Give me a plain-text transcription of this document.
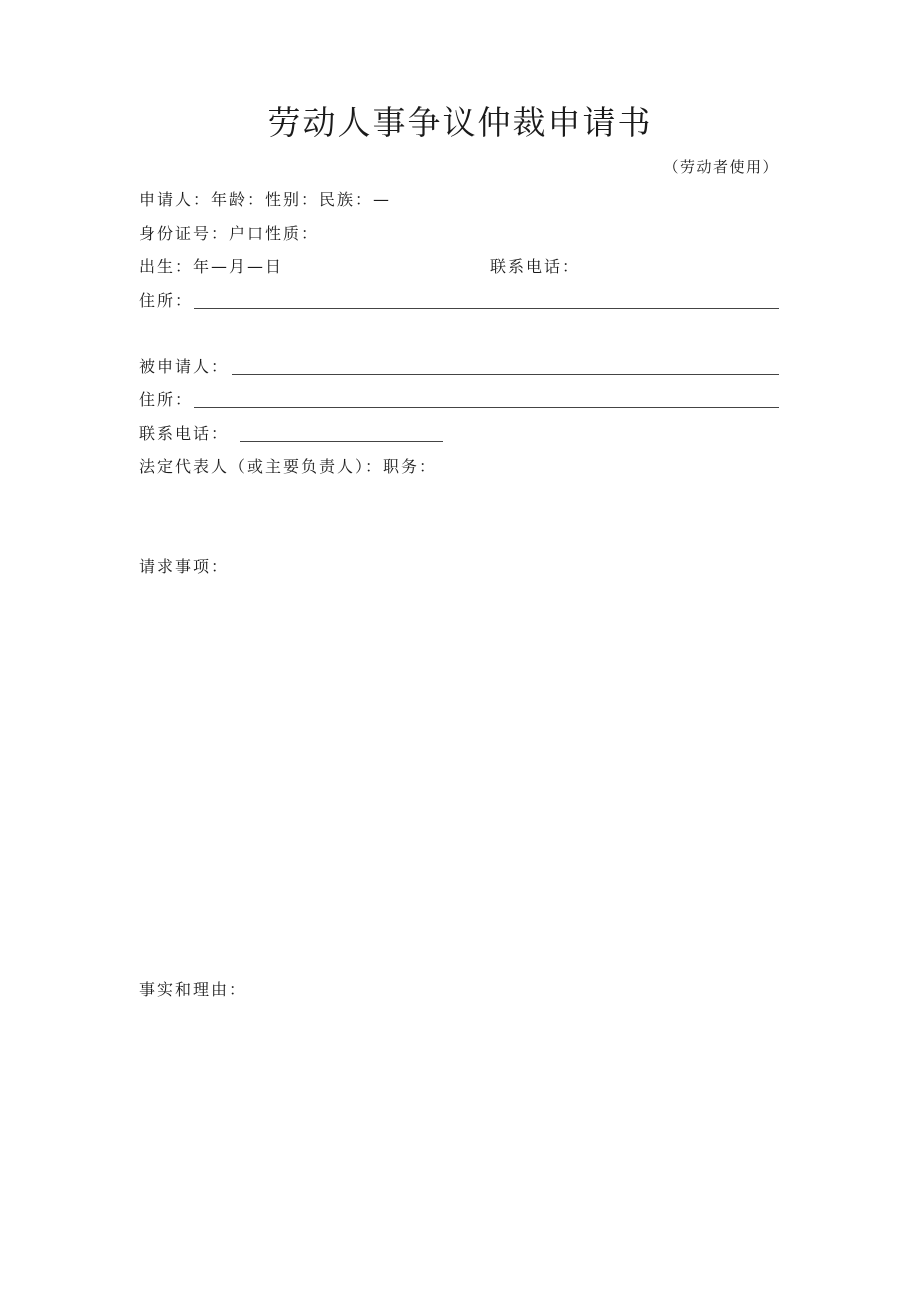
劳动人事争议仲裁申请书
（劳动者使用）
申请人：年龄：性别：民族：—
身份证号：户口性质：
出生：年—月—日	联系电话：
住所：
被申请人：
住所：
联系电话：
法定代表人（或主要负责人）：职务：
请求事项：
事实和理由：
